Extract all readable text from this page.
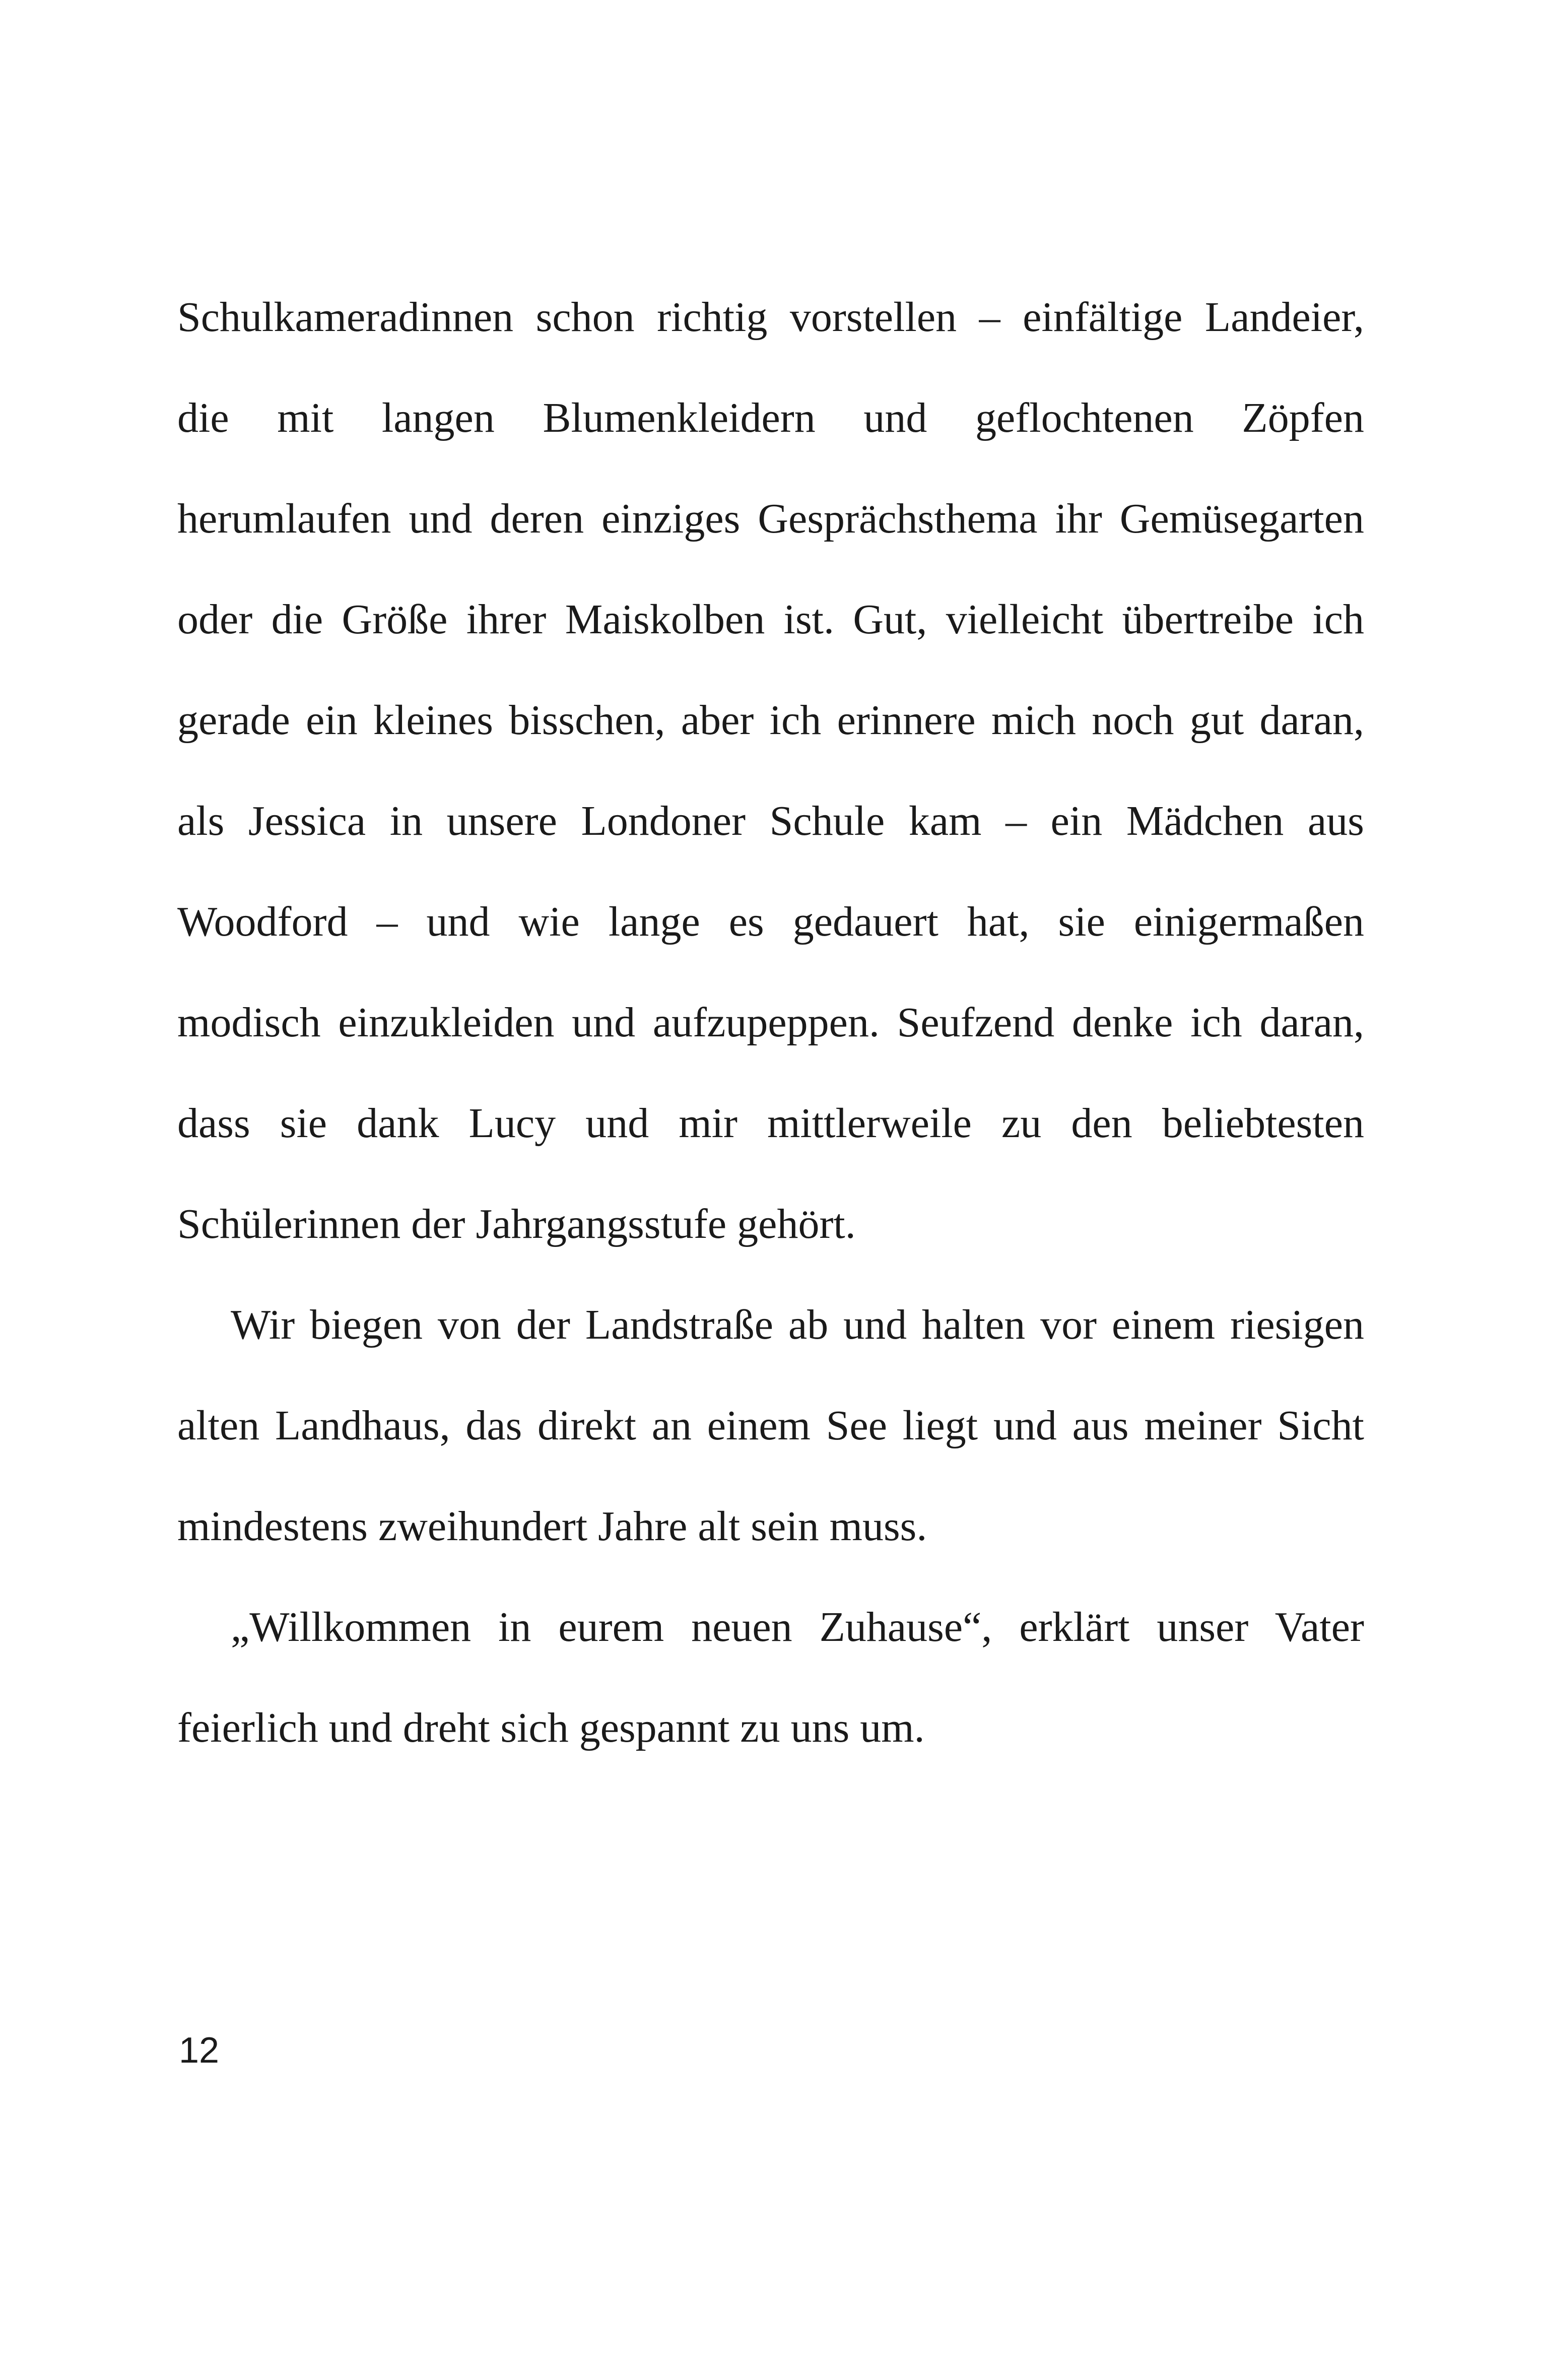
Schulkameradinnen schon richtig vorstellen – einfältige Landeier,
die mit langen Blumenkleidern und geflochtenen Zöpfen
herumlaufen und deren einziges Gesprächsthema ihr Gemüsegarten
oder die Größe ihrer Maiskolben ist. Gut, vielleicht übertreibe ich
gerade ein kleines bisschen, aber ich erinnere mich noch gut daran,
als Jessica in unsere Londoner Schule kam – ein Mädchen aus
Woodford – und wie lange es gedauert hat, sie einigermaßen
modisch einzukleiden und aufzupeppen. Seufzend denke ich daran,
dass sie dank Lucy und mir mittlerweile zu den beliebtesten
Schülerinnen der Jahrgangsstufe gehört.
Wir biegen von der Landstraße ab und halten vor einem riesigen
alten Landhaus, das direkt an einem See liegt und aus meiner Sicht
mindestens zweihundert Jahre alt sein muss.
„Willkommen in eurem neuen Zuhause“, erklärt unser Vater
feierlich und dreht sich gespannt zu uns um.
12
